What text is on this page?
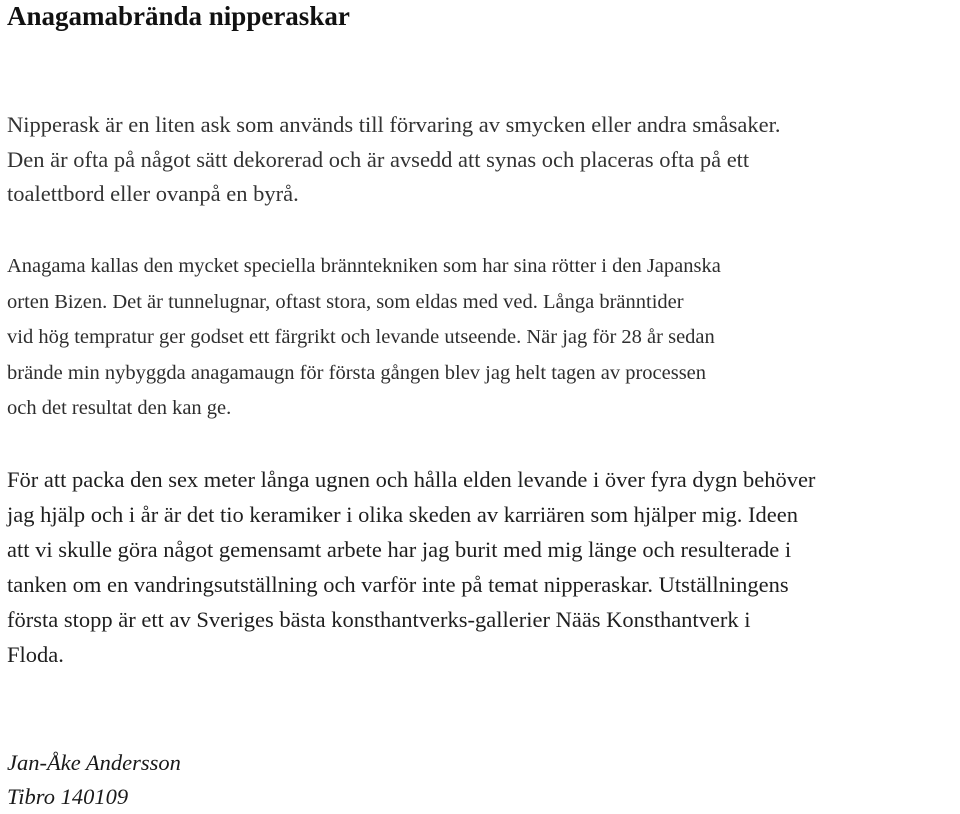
Anagamabrända nipperaskar

Nipperask är en liten ask som används till förvaring av smycken eller andra småsaker.
Den är ofta på något sätt dekorerad och är avsedd att synas och placeras ofta på ett
toalettbord eller ovanpå en byrå.

Anagama kallas den mycket speciella bränntekniken som har sina rötter i den Japanska
orten Bizen. Det är tunnelugnar, oftast stora, som eldas med ved. Långa bränntider
vid hög tempratur ger godset ett färgrikt och levande utseende. När jag för 28 år sedan
brände min nybyggda anagamaugn för första gången blev jag helt tagen av processen
och det resultat den kan ge.

För att packa den sex meter långa ugnen och hålla elden levande i över fyra dygn behöver
jag hjälp och i år är det tio keramiker i olika skeden av karriären som hjälper mig. Ideen
att vi skulle göra något gemensamt arbete har jag burit med mig länge och resulterade i
tanken om en vandringsutställning och varför inte på temat nipperaskar. Utställningens
första stopp är ett av Sveriges bästa konsthantverks-gallerier Nääs Konsthantverk i
Floda.

Jan-Åke Andersson

Tibro 140109
